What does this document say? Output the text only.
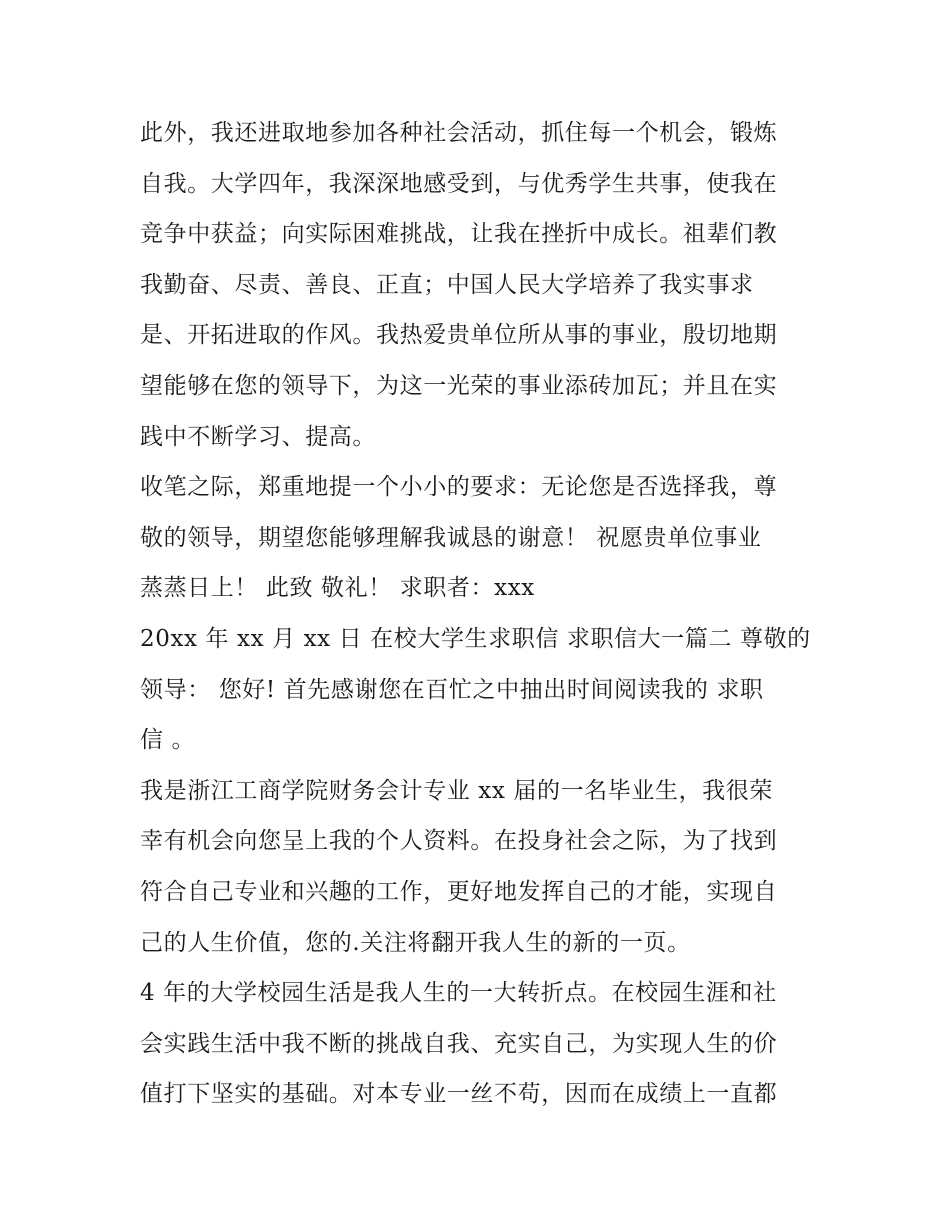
此外，我还进取地参加各种社会活动，抓住每一个机会，锻炼
自我。大学四年，我深深地感受到，与优秀学生共事，使我在
竞争中获益；向实际困难挑战，让我在挫折中成长。祖辈们教
我勤奋、尽责、善良、正直；中国人民大学培养了我实事求
是、开拓进取的作风。我热爱贵单位所从事的事业，殷切地期
望能够在您的领导下，为这一光荣的事业添砖加瓦；并且在实
践中不断学习、提高。
收笔之际，郑重地提一个小小的要求：无论您是否选择我，尊
敬的领导，期望您能够理解我诚恳的谢意！ 祝愿贵单位事业
蒸蒸日上！ 此致 敬礼！ 求职者：xxx
20xx 年 xx 月 xx 日 在校大学生求职信 求职信大一篇二 尊敬的
领导： 您好! 首先感谢您在百忙之中抽出时间阅读我的 求职
信 。
我是浙江工商学院财务会计专业 xx 届的一名毕业生，我很荣
幸有机会向您呈上我的个人资料。在投身社会之际，为了找到
符合自己专业和兴趣的工作，更好地发挥自己的才能，实现自
己的人生价值，您的.关注将翻开我人生的新的一页。
4 年的大学校园生活是我人生的一大转折点。在校园生涯和社
会实践生活中我不断的挑战自我、充实自己，为实现人生的价
值打下坚实的基础。对本专业一丝不苟，因而在成绩上一直都
